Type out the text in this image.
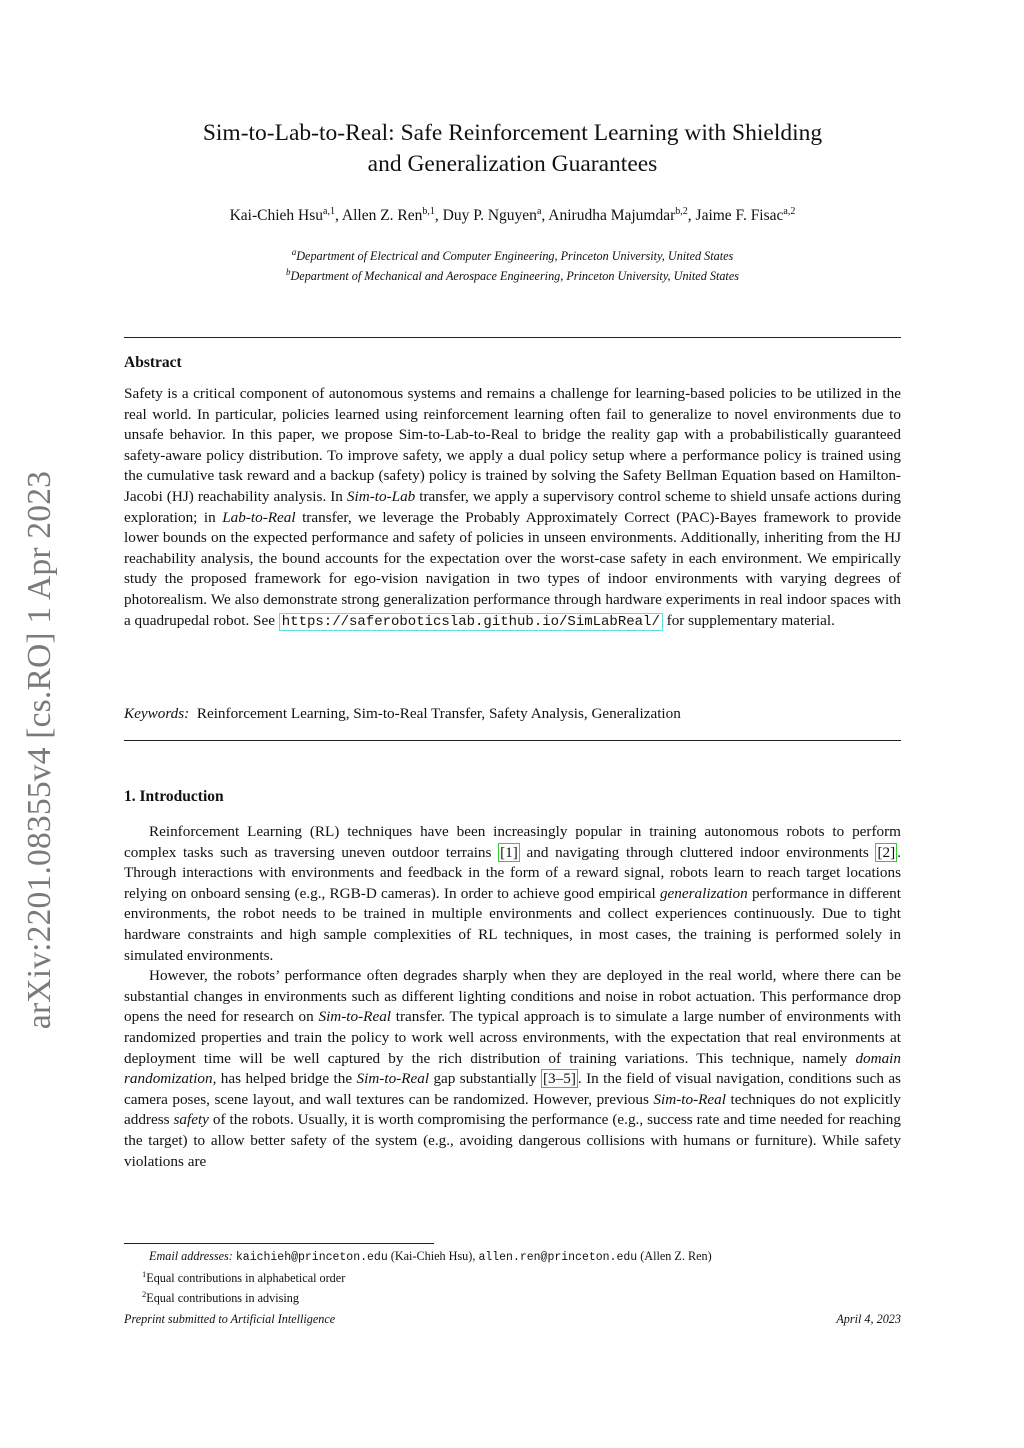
arXiv:2201.08355v4 [cs.RO] 1 Apr 2023
Sim-to-Lab-to-Real: Safe Reinforcement Learning with Shielding
and Generalization Guarantees
Kai-Chieh Hsu$^{a,1}$, Allen Z. Ren$^{b,1}$, Duy P. Nguyen$^a$, Anirudha Majumdar$^{b,2}$, Jaime F. Fisac$^{a,2}$
$^a$Department of Electrical and Computer Engineering, Princeton University, United States
$^b$Department of Mechanical and Aerospace Engineering, Princeton University, United States
Abstract
Safety is a critical component of autonomous systems and remains a challenge for learning-based policies to be utilized in the real world. In particular, policies learned using reinforcement learning often fail to generalize to novel environments due to unsafe behavior. In this paper, we propose Sim-to-Lab-to-Real to bridge the reality gap with a probabilistically guaranteed safety-aware policy distribution. To improve safety, we apply a dual policy setup where a performance policy is trained using the cumulative task reward and a backup (safety) policy is trained by solving the Safety Bellman Equation based on Hamilton-Jacobi (HJ) reachability analysis. In Sim-to-Lab transfer, we apply a supervisory control scheme to shield unsafe actions during exploration; in Lab-to-Real transfer, we leverage the Probably Approximately Correct (PAC)-Bayes framework to provide lower bounds on the expected performance and safety of policies in unseen environments. Additionally, inheriting from the HJ reachability analysis, the bound accounts for the expectation over the worst-case safety in each environment. We empirically study the proposed framework for ego-vision navigation in two types of indoor environments with varying degrees of photorealism. We also demonstrate strong generalization performance through hardware experiments in real indoor spaces with a quadrupedal robot. See https://saferoboticslab.github.io/SimLabReal/ for supplementary material.
Keywords: Reinforcement Learning, Sim-to-Real Transfer, Safety Analysis, Generalization
1. Introduction

Reinforcement Learning (RL) techniques have been increasingly popular in training autonomous robots to perform complex tasks such as traversing uneven outdoor terrains [1] and navigating through cluttered indoor environments [2] . Through interactions with environments and feedback in the form of a reward signal, robots learn to reach target locations relying on onboard sensing (e.g., RGB-D cameras). In order to achieve good empirical generalization performance in different environments, the robot needs to be trained in multiple environments and collect experiences continuously. Due to tight hardware constraints and high sample complexities of RL techniques, in most cases, the training is performed solely in simulated environments.

However, the robots’ performance often degrades sharply when they are deployed in the real world, where there can be substantial changes in environments such as different lighting conditions and noise in robot actuation. This performance drop opens the need for research on Sim-to-Real transfer. The typical approach is to simulate a large number of environments with randomized properties and train the policy to work well across environments, with the expectation that real environments at deployment time will be well captured by the rich distribution of training variations. This technique, namely domain randomization, has helped bridge the Sim-to-Real gap substantially [3–5] . In the field of visual navigation, conditions such as camera poses, scene layout, and wall textures can be randomized. However, previous Sim-to-Real techniques do not explicitly address safety of the robots. Usually, it is worth compromising the performance (e.g., success rate and time needed for reaching the target) to allow better safety of the system (e.g., avoiding dangerous collisions with humans or furniture). While safety violations are

Email addresses: kaichieh@princeton.edu (Kai-Chieh Hsu), allen.ren@princeton.edu (Allen Z. Ren)
$^1$Equal contributions in alphabetical order
$^2$Equal contributions in advising
Preprint submitted to Artificial Intelligence	April 4, 2023
